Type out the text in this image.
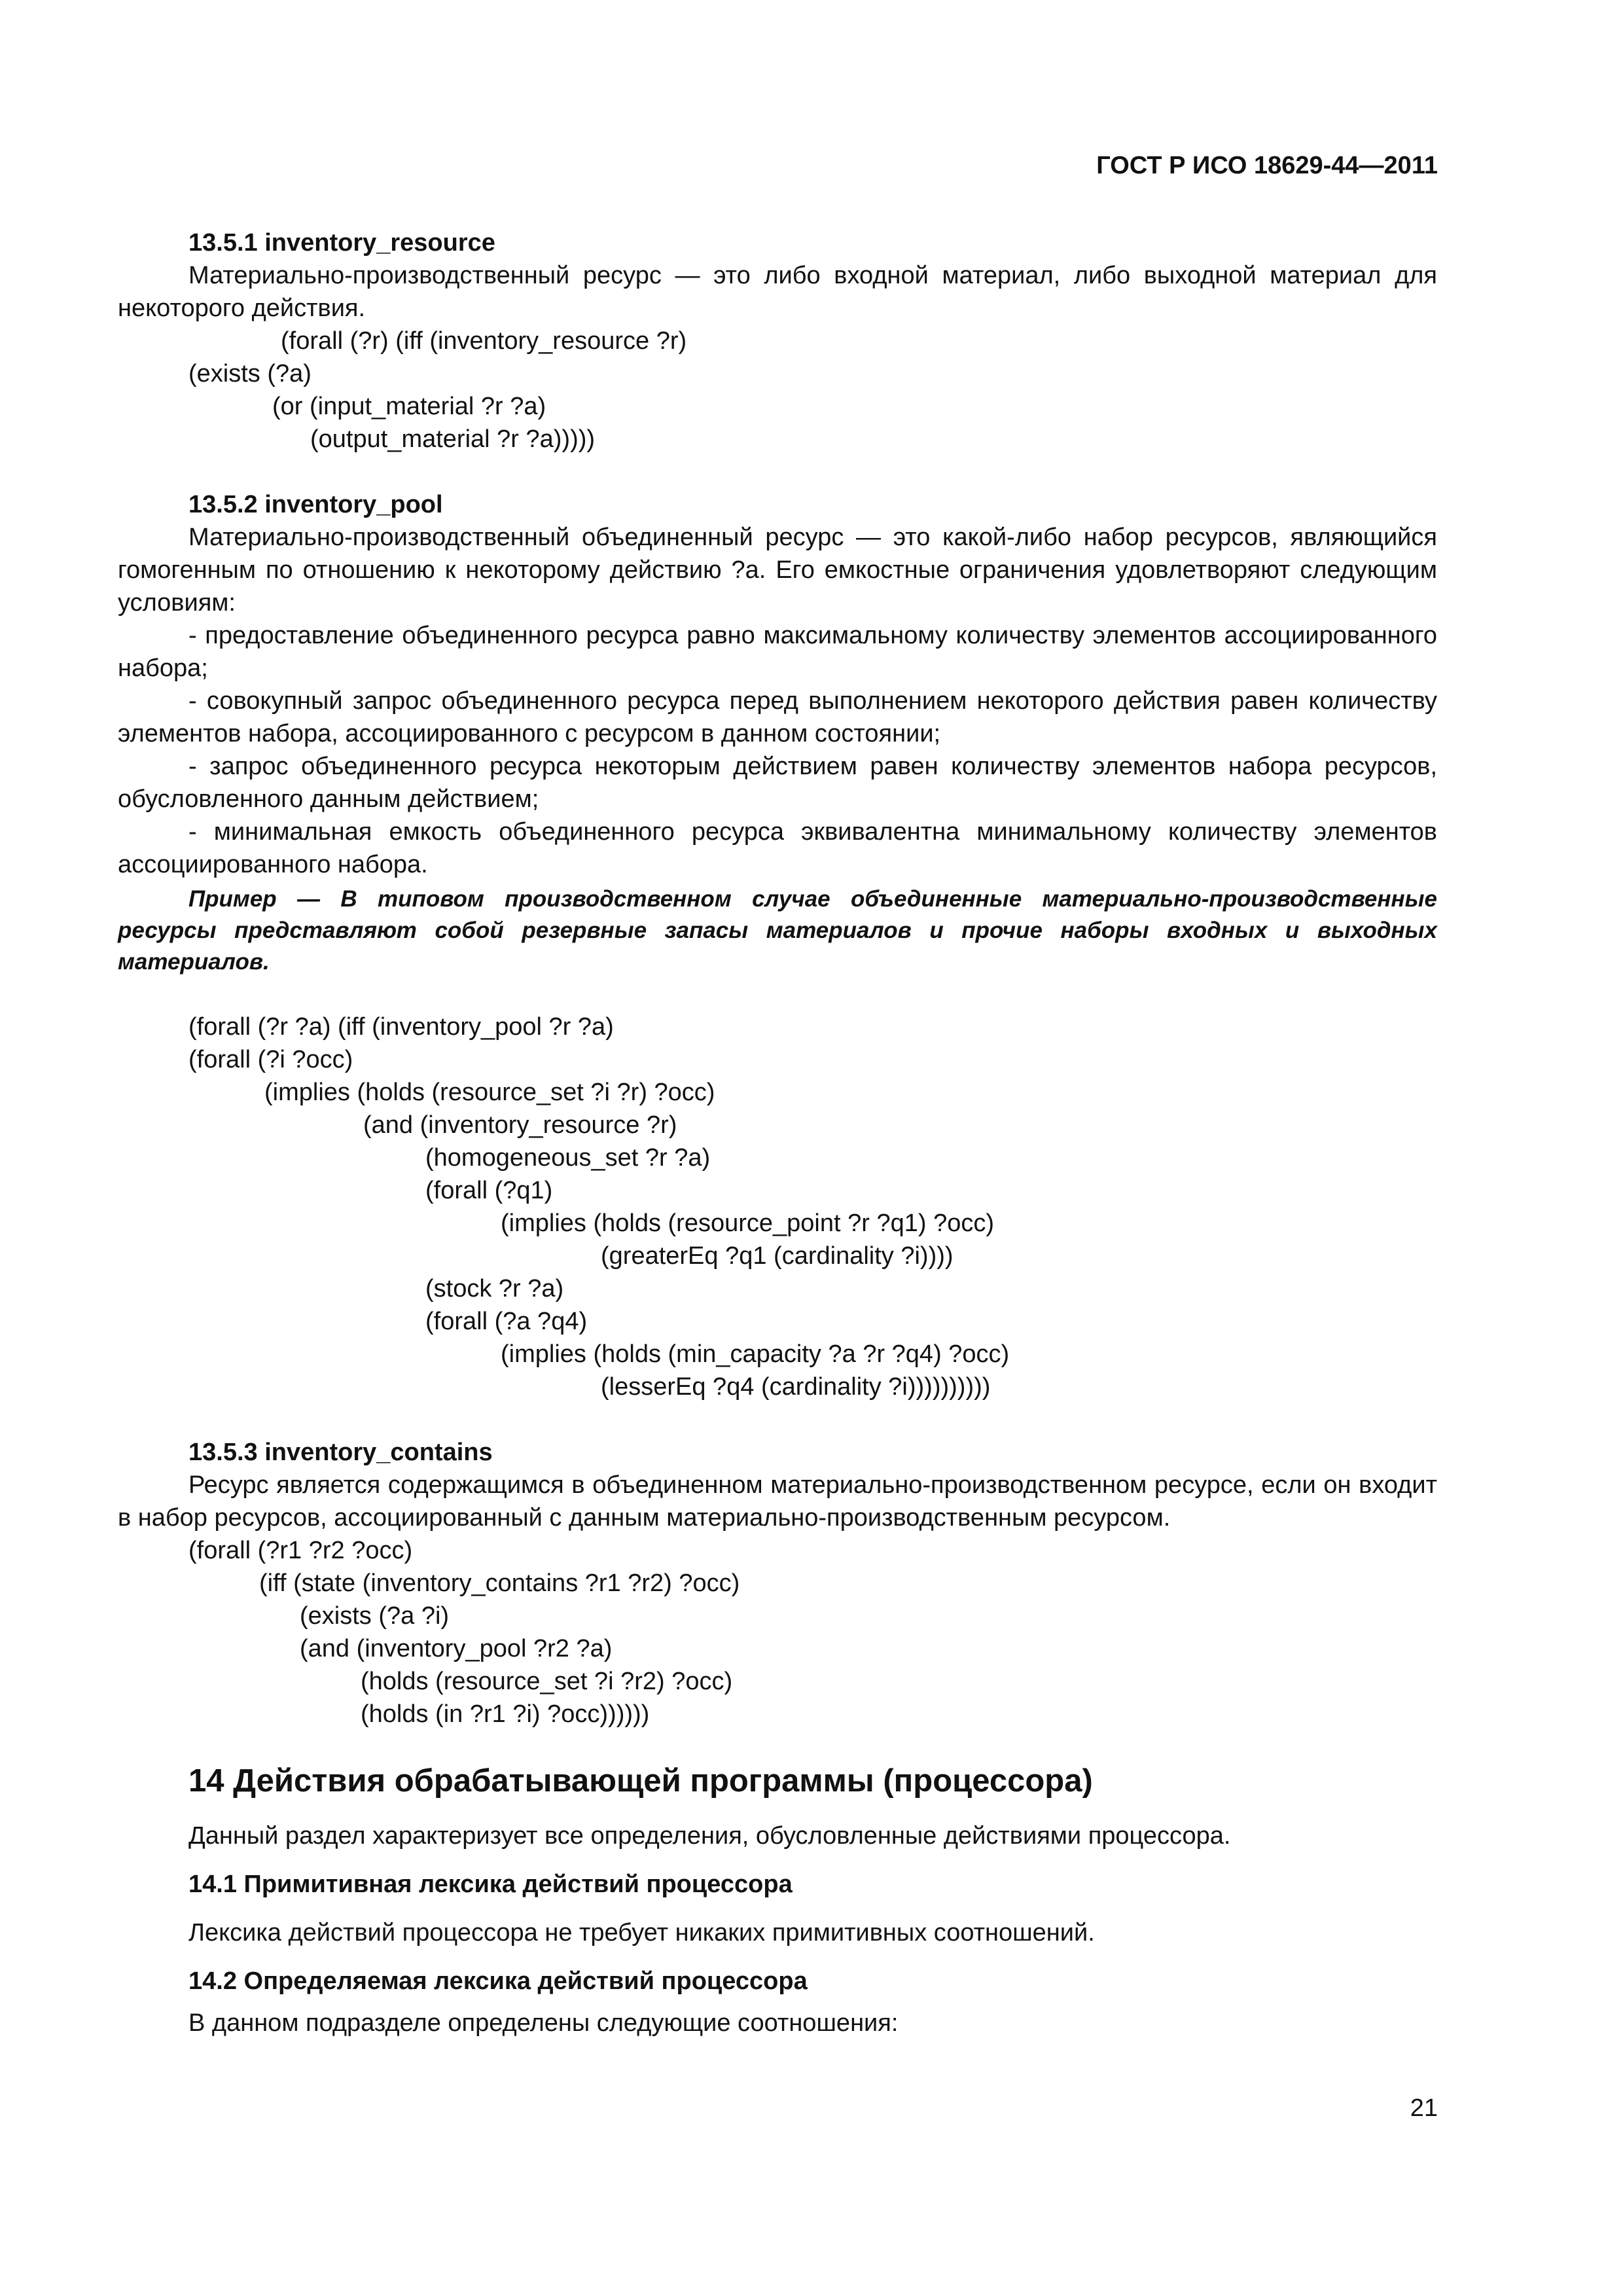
ГОСТ Р ИСО 18629-44—2011
13.5.1 inventory_resource

Материально-производственный ресурс — это либо входной материал, либо выходной материал для некоторого действия.

(forall (?r) (iff (inventory_resource ?r)
(exists (?a)
(or (input_material ?r ?a)
(output_material ?r ?a)))))
13.5.2 inventory_pool

Материально-производственный объединенный ресурс — это какой-либо набор ресурсов, являющийся гомогенным по отношению к некоторому действию ?a. Его емкостные ограничения удовлетворяют следующим условиям:

- предоставление объединенного ресурса равно максимальному количеству элементов ассоциированного набора;

- совокупный запрос объединенного ресурса перед выполнением некоторого действия равен количеству элементов набора, ассоциированного с ресурсом в данном состоянии;

- запрос объединенного ресурса некоторым действием равен количеству элементов набора ресурсов, обусловленного данным действием;

- минимальная емкость объединенного ресурса эквивалентна минимальному количеству элементов ассоциированного набора.

Пример — В типовом производственном случае объединенные материально-производственные ресурсы представляют собой резервные запасы материалов и прочие наборы входных и выходных материалов.

(forall (?r ?a) (iff (inventory_pool ?r ?a)
(forall (?i ?occ)
(implies (holds (resource_set ?i ?r) ?occ)
(and (inventory_resource ?r)
(homogeneous_set ?r ?a)
(forall (?q1)
(implies (holds (resource_point ?r ?q1) ?occ)
(greaterEq ?q1 (cardinality ?i))))
(stock ?r ?a)
(forall (?a ?q4)
(implies (holds (min_capacity ?a ?r ?q4) ?occ)
(lesserEq ?q4 (cardinality ?i))))))))))
13.5.3 inventory_contains

Ресурс является содержащимся в объединенном материально-производственном ресурсе, если он входит в набор ресурсов, ассоциированный с данным материально-производственным ресурсом.

(forall (?r1 ?r2 ?occ)
(iff (state (inventory_contains ?r1 ?r2) ?occ)
(exists (?a ?i)
(and (inventory_pool ?r2 ?a)
(holds (resource_set ?i ?r2) ?occ)
(holds (in ?r1 ?i) ?occ))))))
14 Действия обрабатывающей программы (процессора)

Данный раздел характеризует все определения, обусловленные действиями процессора.

14.1 Примитивная лексика действий процессора

Лексика действий процессора не требует никаких примитивных соотношений.

14.2 Определяемая лексика действий процессора

В данном подразделе определены следующие соотношения:

21
